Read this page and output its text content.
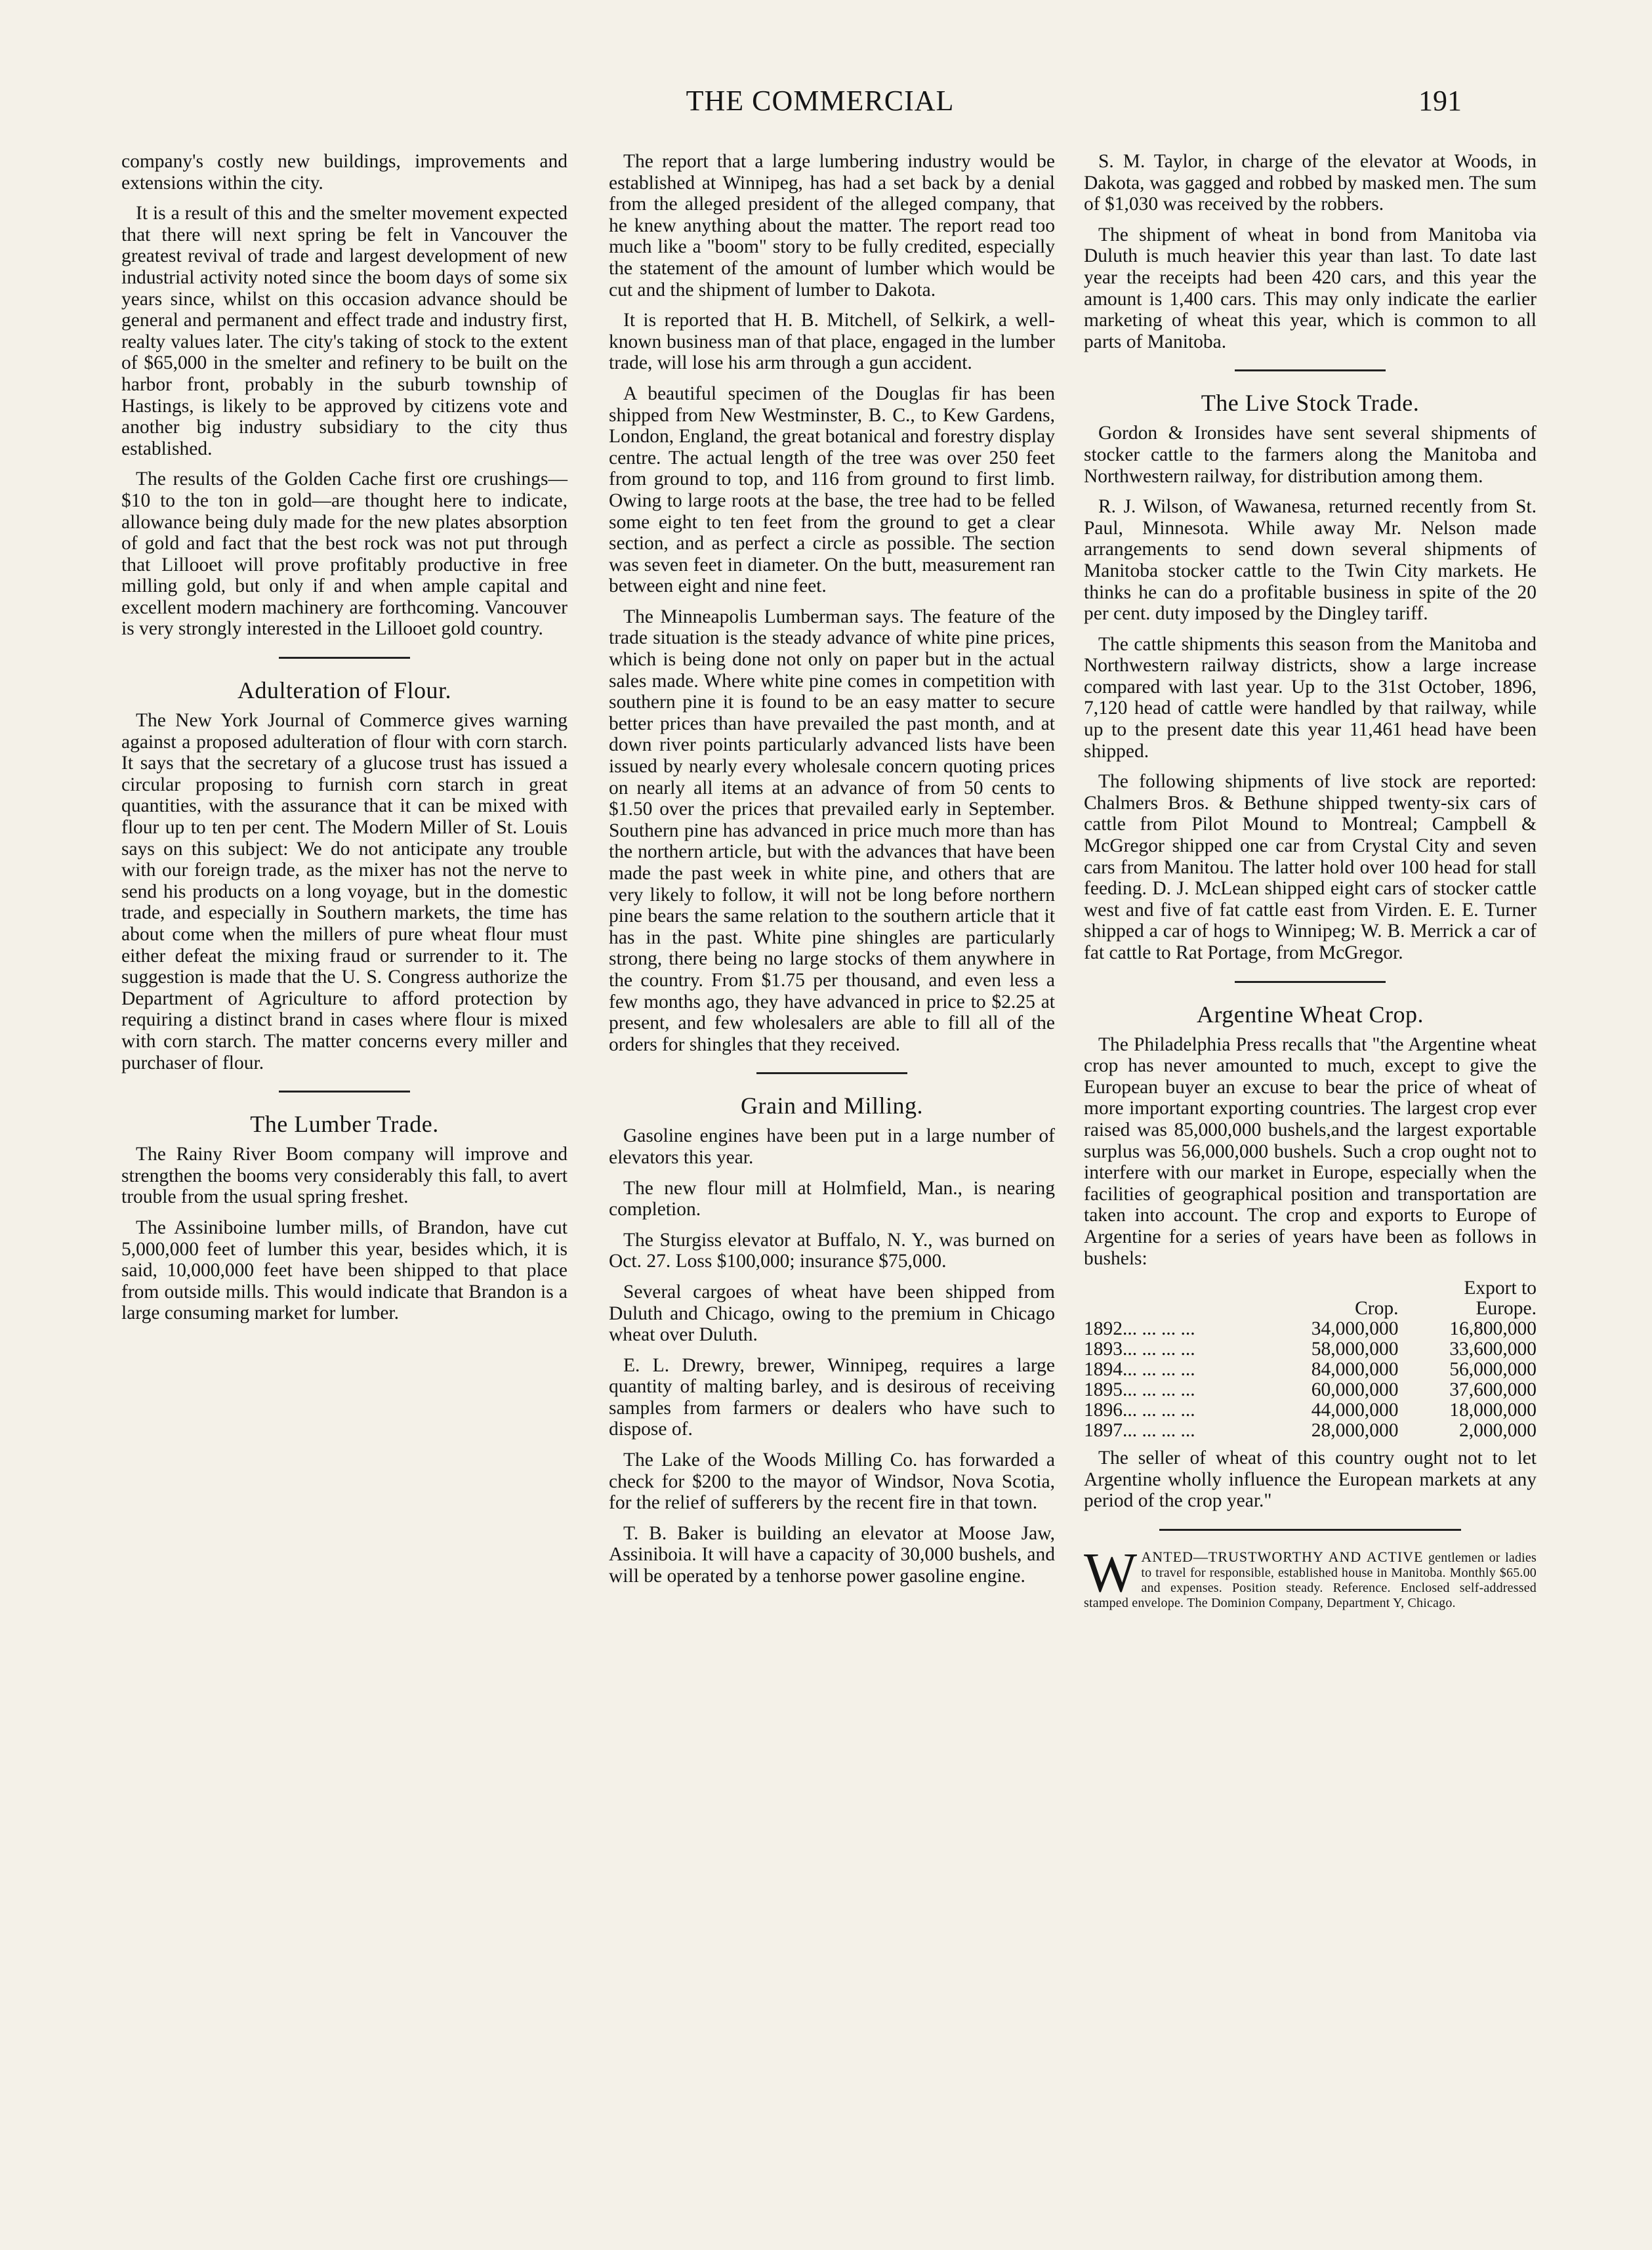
THE COMMERCIAL	191

company's costly new buildings, improvements and extensions within the city.

It is a result of this and the smelter movement expected that there will next spring be felt in Vancouver the greatest revival of trade and largest development of new industrial activity noted since the boom days of some six years since, whilst on this occasion advance should be general and permanent and effect trade and industry first, realty values later. The city's taking of stock to the extent of $65,000 in the smelter and refinery to be built on the harbor front, probably in the suburb township of Hastings, is likely to be approved by citizens vote and another big industry subsidiary to the city thus established.

The results of the Golden Cache first ore crushings—$10 to the ton in gold—are thought here to indicate, allowance being duly made for the new plates absorption of gold and fact that the best rock was not put through that Lillooet will prove profitably productive in free milling gold, but only if and when ample capital and excellent modern machinery are forthcoming. Vancouver is very strongly interested in the Lillooet gold country.

Adulteration of Flour.

The New York Journal of Commerce gives warning against a proposed adulteration of flour with corn starch. It says that the secretary of a glucose trust has issued a circular proposing to furnish corn starch in great quantities, with the assurance that it can be mixed with flour up to ten per cent. The Modern Miller of St. Louis says on this subject: We do not anticipate any trouble with our foreign trade, as the mixer has not the nerve to send his products on a long voyage, but in the domestic trade, and especially in Southern markets, the time has about come when the millers of pure wheat flour must either defeat the mixing fraud or surrender to it. The suggestion is made that the U. S. Congress authorize the Department of Agriculture to afford protection by requiring a distinct brand in cases where flour is mixed with corn starch. The matter concerns every miller and purchaser of flour.

The Lumber Trade.

The Rainy River Boom company will improve and strengthen the booms very considerably this fall, to avert trouble from the usual spring freshet.

The Assiniboine lumber mills, of Brandon, have cut 5,000,000 feet of lumber this year, besides which, it is said, 10,000,000 feet have been shipped to that place from outside mills. This would indicate that Brandon is a large consuming market for lumber.

The report that a large lumbering industry would be established at Winnipeg, has had a set back by a denial from the alleged president of the alleged company, that he knew anything about the matter. The report read too much like a "boom" story to be fully credited, especially the statement of the amount of lumber which would be cut and the shipment of lumber to Dakota.

It is reported that H. B. Mitchell, of Selkirk, a well-known business man of that place, engaged in the lumber trade, will lose his arm through a gun accident.

A beautiful specimen of the Douglas fir has been shipped from New Westminster, B. C., to Kew Gardens, London, England, the great botanical and forestry display centre. The actual length of the tree was over 250 feet from ground to top, and 116 from ground to first limb. Owing to large roots at the base, the tree had to be felled some eight to ten feet from the ground to get a clear section, and as perfect a circle as possible. The section was seven feet in diameter. On the butt, measurement ran between eight and nine feet.

The Minneapolis Lumberman says. The feature of the trade situation is the steady advance of white pine prices, which is being done not only on paper but in the actual sales made. Where white pine comes in competition with southern pine it is found to be an easy matter to secure better prices than have prevailed the past month, and at down river points particularly advanced lists have been issued by nearly every wholesale concern quoting prices on nearly all items at an advance of from 50 cents to $1.50 over the prices that prevailed early in September. Southern pine has advanced in price much more than has the northern article, but with the advances that have been made the past week in white pine, and others that are very likely to follow, it will not be long before northern pine bears the same relation to the southern article that it has in the past. White pine shingles are particularly strong, there being no large stocks of them anywhere in the country. From $1.75 per thousand, and even less a few months ago, they have advanced in price to $2.25 at present, and few wholesalers are able to fill all of the orders for shingles that they received.

Grain and Milling.

Gasoline engines have been put in a large number of elevators this year.

The new flour mill at Holmfield, Man., is nearing completion.

The Sturgiss elevator at Buffalo, N. Y., was burned on Oct. 27. Loss $100,000; insurance $75,000.

Several cargoes of wheat have been shipped from Duluth and Chicago, owing to the premium in Chicago wheat over Duluth.

E. L. Drewry, brewer, Winnipeg, requires a large quantity of malting barley, and is desirous of receiving samples from farmers or dealers who have such to dispose of.

The Lake of the Woods Milling Co. has forwarded a check for $200 to the mayor of Windsor, Nova Scotia, for the relief of sufferers by the recent fire in that town.

T. B. Baker is building an elevator at Moose Jaw, Assiniboia. It will have a capacity of 30,000 bushels, and will be operated by a tenhorse power gasoline engine.

S. M. Taylor, in charge of the elevator at Woods, in Dakota, was gagged and robbed by masked men. The sum of $1,030 was received by the robbers.

The shipment of wheat in bond from Manitoba via Duluth is much heavier this year than last. To date last year the receipts had been 420 cars, and this year the amount is 1,400 cars. This may only indicate the earlier marketing of wheat this year, which is common to all parts of Manitoba.

The Live Stock Trade.

Gordon & Ironsides have sent several shipments of stocker cattle to the farmers along the Manitoba and Northwestern railway, for distribution among them.

R. J. Wilson, of Wawanesa, returned recently from St. Paul, Minnesota. While away Mr. Nelson made arrangements to send down several shipments of Manitoba stocker cattle to the Twin City markets. He thinks he can do a profitable business in spite of the 20 per cent. duty imposed by the Dingley tariff.

The cattle shipments this season from the Manitoba and Northwestern railway districts, show a large increase compared with last year. Up to the 31st October, 1896, 7,120 head of cattle were handled by that railway, while up to the present date this year 11,461 head have been shipped.

The following shipments of live stock are reported: Chalmers Bros. & Bethune shipped twenty-six cars of cattle from Pilot Mound to Montreal; Campbell & McGregor shipped one car from Crystal City and seven cars from Manitou. The latter hold over 100 head for stall feeding. D. J. McLean shipped eight cars of stocker cattle west and five of fat cattle east from Virden. E. E. Turner shipped a car of hogs to Winnipeg; W. B. Merrick a car of fat cattle to Rat Portage, from McGregor.

Argentine Wheat Crop.

The Philadelphia Press recalls that "the Argentine wheat crop has never amounted to much, except to give the European buyer an excuse to bear the price of wheat of more important exporting countries. The largest crop ever raised was 85,000,000 bushels,and the largest exportable surplus was 56,000,000 bushels. Such a crop ought not to interfere with our market in Europe, especially when the facilities of geographical position and transportation are taken into account. The crop and exports to Europe of Argentine for a series of years have been as follows in bushels:

		Export to
	Crop.	Europe.
1892... ... ... ...	34,000,000	16,800,000
1893... ... ... ...	58,000,000	33,600,000
1894... ... ... ...	84,000,000	56,000,000
1895... ... ... ...	60,000,000	37,600,000
1896... ... ... ...	44,000,000	18,000,000
1897... ... ... ...	28,000,000	2,000,000

The seller of wheat of this country ought not to let Argentine wholly influence the European markets at any period of the crop year."

WANTED—TRUSTWORTHY AND ACTIVE gentlemen or ladies to travel for responsible, established house in Manitoba. Monthly $65.00 and expenses. Position steady. Reference. Enclosed self-addressed stamped envelope. The Dominion Company, Department Y, Chicago.
